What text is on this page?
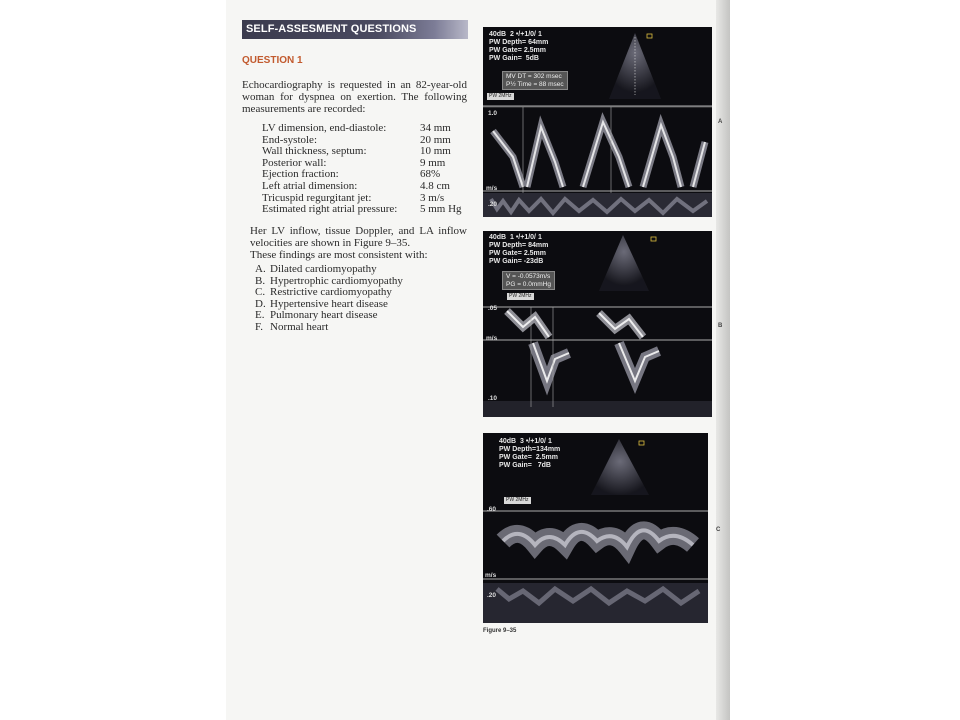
SELF-ASSESMENT QUESTIONS
QUESTION 1
Echocardiography is requested in an 82-year-old woman for dyspnea on exertion. The following measurements are recorded:
LV dimension, end-diastole:	34 mm
End-systole:	20 mm
Wall thickness, septum:	10 mm
Posterior wall:	9 mm
Ejection fraction:	68%
Left atrial dimension:	4.8 cm
Tricuspid regurgitant jet:	3 m/s
Estimated right atrial pressure:	5 mm Hg

Her LV inflow, tissue Doppler, and LA inflow velocities are shown in Figure 9–35.

These findings are most consistent with:

A. Dilated cardiomyopathy
B. Hypertrophic cardiomyopathy
C. Restrictive cardiomyopathy
D. Hypertensive heart disease
E. Pulmonary heart disease
F. Normal heart
40dB  2 •/+1/0/ 1
PW Depth= 64mm
PW Gate= 2.5mm
PW Gain=  5dB
MV DT = 302 msec
P½ Time = 88 msec
PW 2MHz
1.0
m/s
.20
A
40dB  1 •/+1/0/ 1
PW Depth= 84mm
PW Gate= 2.5mm
PW Gain= -23dB
V = -0.0573m/s
PG = 0.0mmHg
PW 2MHz
.05
m/s
.10
B
40dB  3 •/+1/0/ 1
PW Depth=134mm
PW Gate=  2.5mm
PW Gain=   7dB
PW 2MHz
.60
m/s
.20
C
Figure 9–35
